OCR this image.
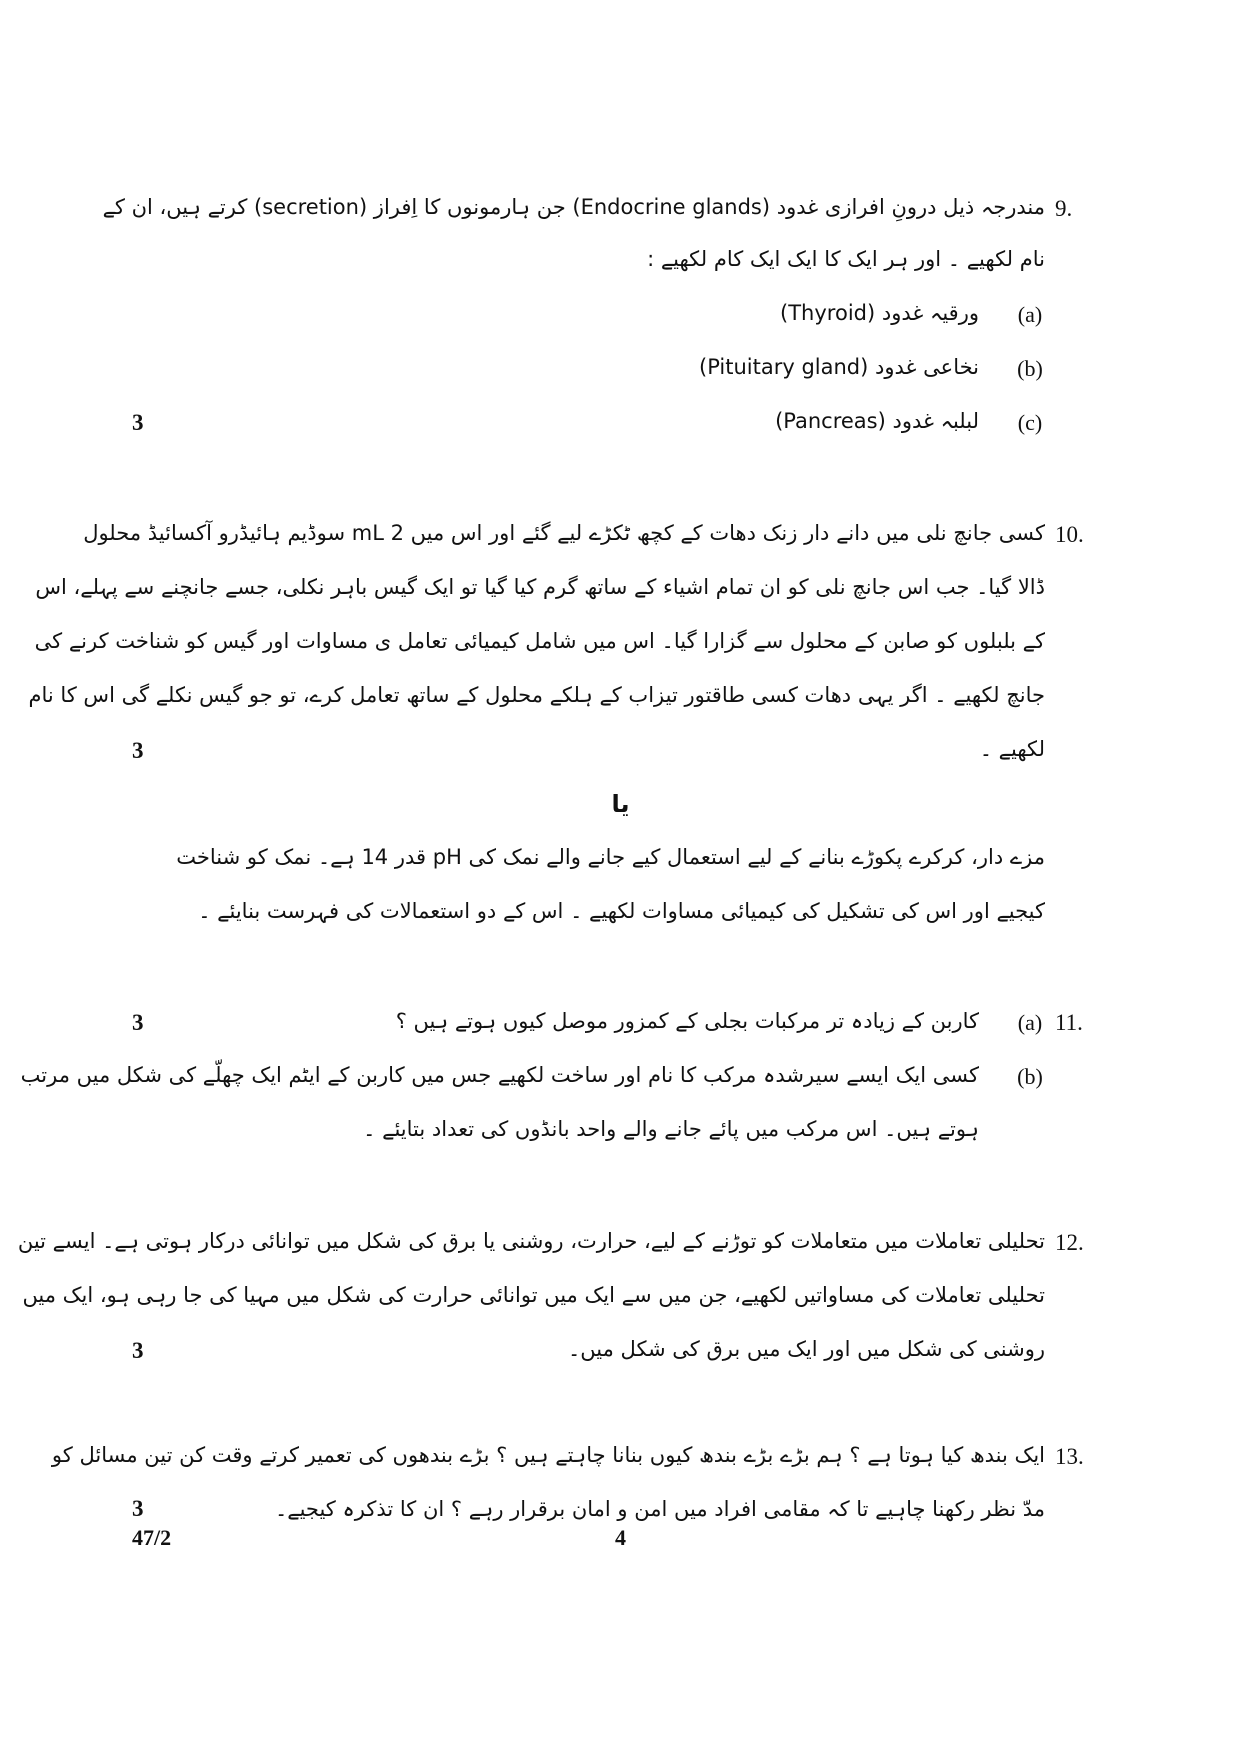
9.
مندرجہ ذیل درونِ افرازی غدود (Endocrine glands) جن ہارمونوں کا اِفراز (secretion) کرتے ہیں، ان کے
نام لکھیے ۔ اور ہر ایک کا ایک ایک کام لکھیے :
(a)
ورقیہ غدود (Thyroid)
(b)
نخاعی غدود (Pituitary gland)
(c)
لبلبہ غدود (Pancreas)
3
10.
کسی جانچ نلی میں دانے دار زنک دھات کے کچھ ٹکڑے لیے گئے اور اس میں 2 mL سوڈیم ہائیڈرو آکسائیڈ محلول
ڈالا گیا۔ جب اس جانچ نلی کو ان تمام اشیاء کے ساتھ گرم کیا گیا تو ایک گیس باہر نکلی، جسے جانچنے سے پہلے، اس
کے بلبلوں کو صابن کے محلول سے گزارا گیا۔ اس میں شامل کیمیائی تعامل ی مساوات اور گیس کو شناخت کرنے کی
جانچ لکھیے ۔ اگر یہی دھات کسی طاقتور تیزاب کے ہلکے محلول کے ساتھ تعامل کرے، تو جو گیس نکلے گی اس کا نام
لکھیے ۔
3
یا
مزے دار، کرکرے پکوڑے بنانے کے لیے استعمال کیے جانے والے نمک کی pH قدر 14 ہے۔ نمک کو شناخت
کیجیے اور اس کی تشکیل کی کیمیائی مساوات لکھیے ۔ اس کے دو استعمالات کی فہرست بنایئے ۔
11.
3	(a)
کاربن کے زیادہ تر مرکبات بجلی کے کمزور موصل کیوں ہوتے ہیں ؟
(b)
کسی ایک ایسے سیرشدہ مرکب کا نام اور ساخت لکھیے جس میں کاربن کے ایٹم ایک چھلّے کی شکل میں مرتب
ہوتے ہیں۔ اس مرکب میں پائے جانے والے واحد بانڈوں کی تعداد بتایئے ۔
12.
تحلیلی تعاملات میں متعاملات کو توڑنے کے لیے، حرارت، روشنی یا برق کی شکل میں توانائی درکار ہوتی ہے۔ ایسے تین
تحلیلی تعاملات کی مساواتیں لکھیے، جن میں سے ایک میں توانائی حرارت کی شکل میں مہیا کی جا رہی ہو، ایک میں
روشنی کی شکل میں اور ایک میں برق کی شکل میں۔
3
13.
ایک بندھ کیا ہوتا ہے ؟ ہم بڑے بڑے بندھ کیوں بنانا چاہتے ہیں ؟ بڑے بندھوں کی تعمیر کرتے وقت کن تین مسائل کو
مدّ نظر رکھنا چاہیے تا کہ مقامی افراد میں امن و امان برقرار رہے ؟ ان کا تذکرہ کیجیے۔
3
47/2	4
